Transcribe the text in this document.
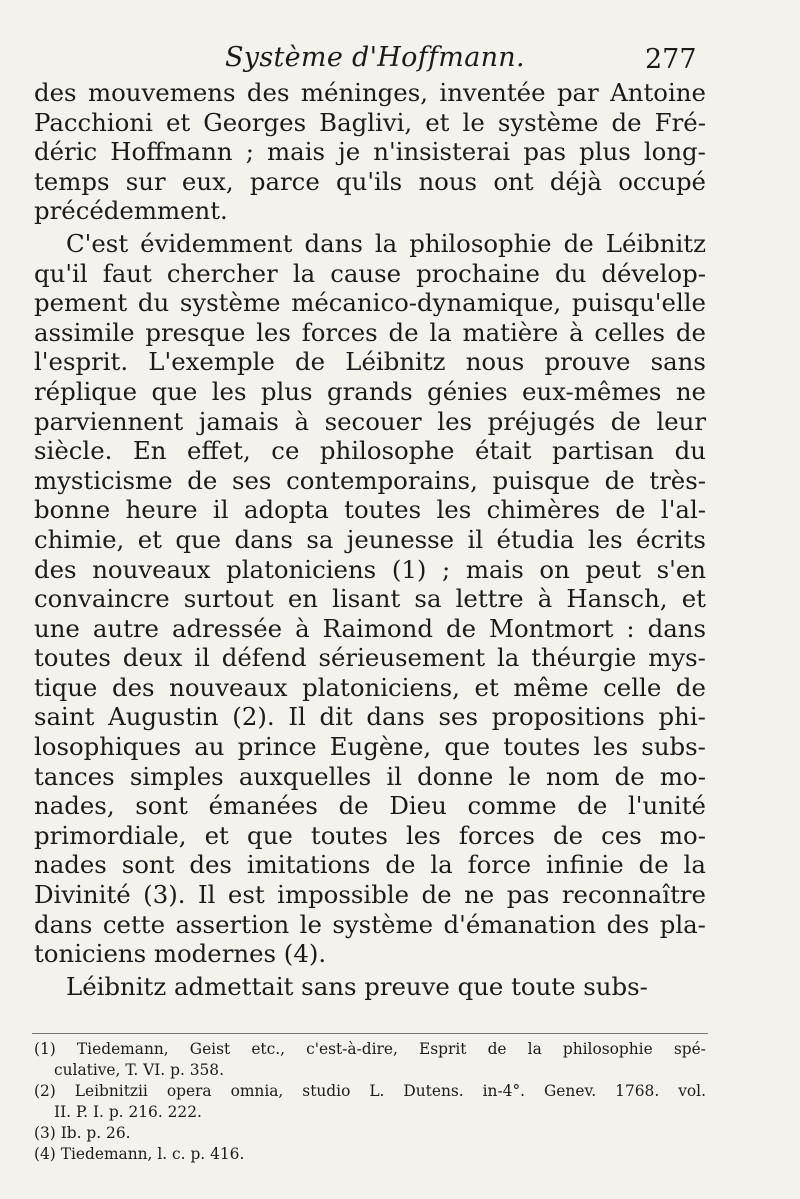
Système d'Hoffmann.	277
des mouvemens des méninges, inventée par Antoine
Pacchioni et Georges Baglivi, et le système de Fré-
déric Hoffmann ; mais je n'insisterai pas plus long-
temps sur eux, parce qu'ils nous ont déjà occupé
précédemment.
C'est évidemment dans la philosophie de Léibnitz
qu'il faut chercher la cause prochaine du dévelop-
pement du système mécanico-dynamique, puisqu'elle
assimile presque les forces de la matière à celles de
l'esprit. L'exemple de Léibnitz nous prouve sans
réplique que les plus grands génies eux-mêmes ne
parviennent jamais à secouer les préjugés de leur
siècle. En effet, ce philosophe était partisan du
mysticisme de ses contemporains, puisque de très-
bonne heure il adopta toutes les chimères de l'al-
chimie, et que dans sa jeunesse il étudia les écrits
des nouveaux platoniciens (1) ; mais on peut s'en
convaincre surtout en lisant sa lettre à Hansch, et
une autre adressée à Raimond de Montmort : dans
toutes deux il défend sérieusement la théurgie mys-
tique des nouveaux platoniciens, et même celle de
saint Augustin (2). Il dit dans ses propositions phi-
losophiques au prince Eugène, que toutes les subs-
tances simples auxquelles il donne le nom de mo-
nades, sont émanées de Dieu comme de l'unité
primordiale, et que toutes les forces de ces mo-
nades sont des imitations de la force infinie de la
Divinité (3). Il est impossible de ne pas reconnaître
dans cette assertion le système d'émanation des pla-
toniciens modernes (4).
Léibnitz admettait sans preuve que toute subs-
(1) Tiedemann, Geist etc., c'est-à-dire, Esprit de la philosophie spé-
culative, T. VI. p. 358.
(2) Leibnitzii opera omnia, studio L. Dutens. in-4°. Genev. 1768. vol.
II. P. I. p. 216. 222.
(3) Ib. p. 26.
(4) Tiedemann, l. c. p. 416.
